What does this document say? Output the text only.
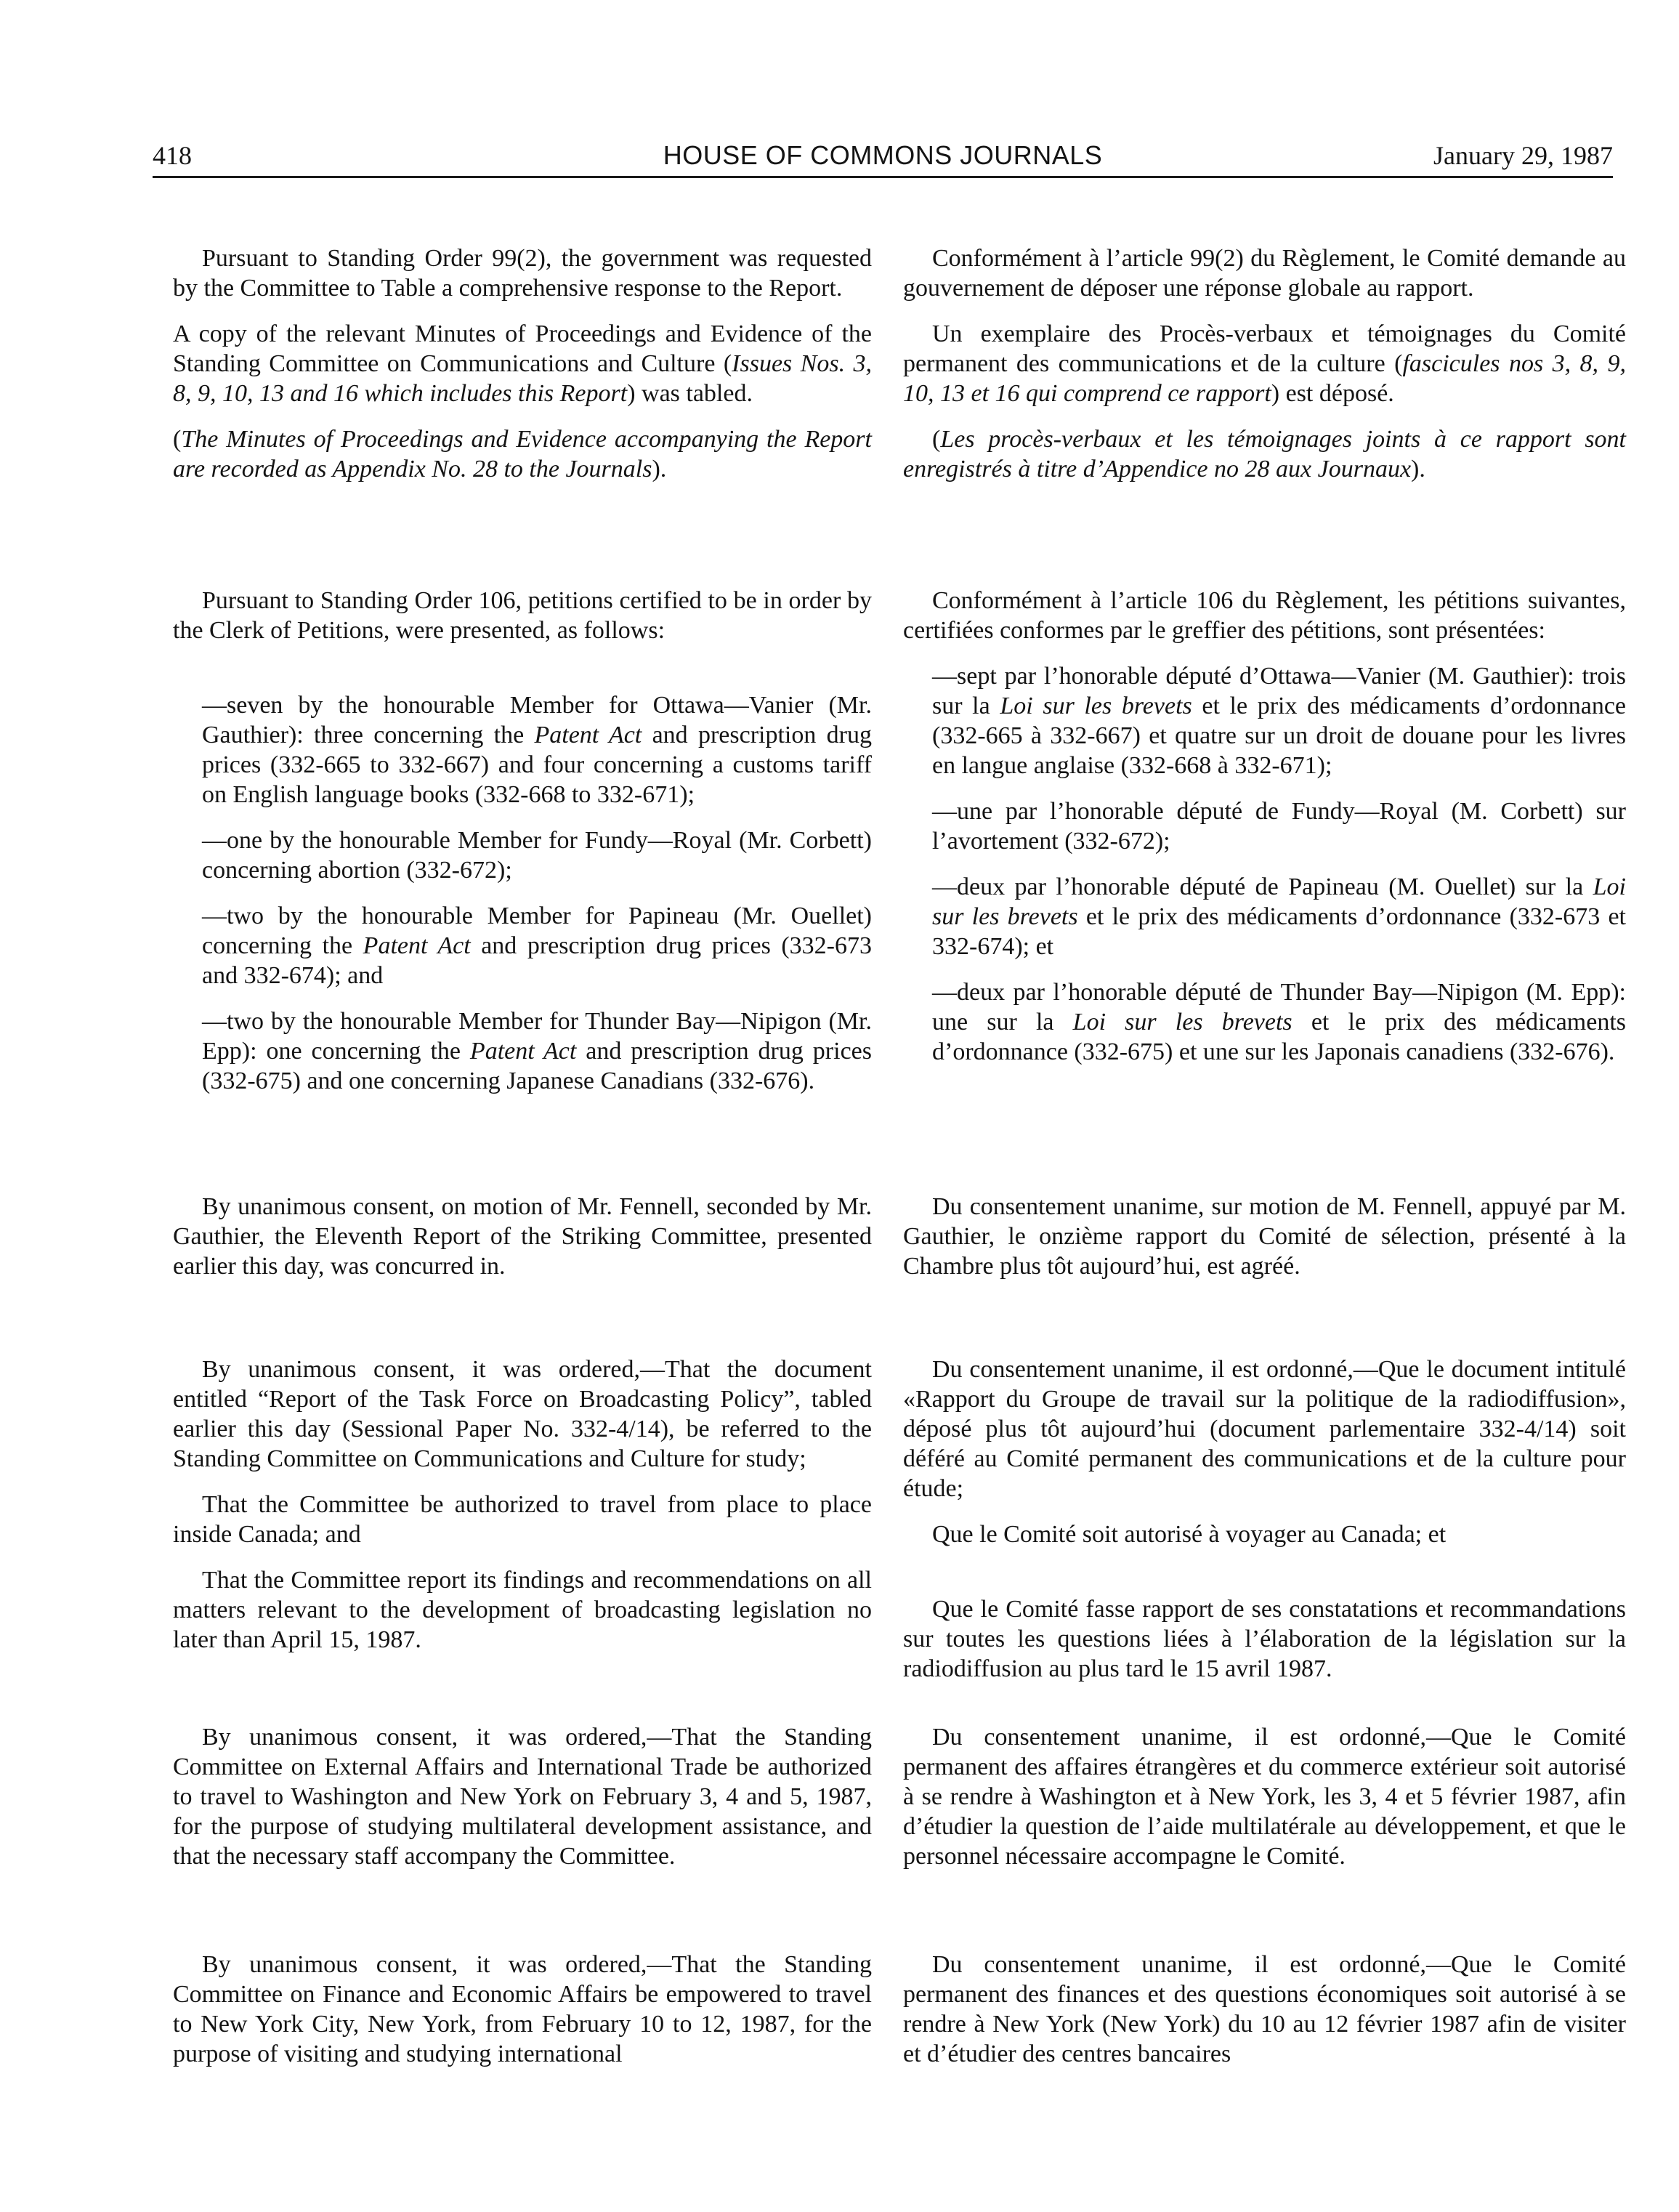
418	HOUSE OF COMMONS JOURNALS	January 29, 1987

Pursuant to Standing Order 99(2), the government was requested by the Committee to Table a comprehensive response to the Report.

A copy of the relevant Minutes of Proceedings and Evidence of the Standing Committee on Communications and Culture (Issues Nos. 3, 8, 9, 10, 13 and 16 which includes this Report) was tabled.

(The Minutes of Proceedings and Evidence accompanying the Report are recorded as Appendix No. 28 to the Journals).

Pursuant to Standing Order 106, petitions certified to be in order by the Clerk of Petitions, were presented, as follows:

—seven by the honourable Member for Ottawa—Vanier (Mr. Gauthier): three concerning the Patent Act and prescription drug prices (332-665 to 332-667) and four concerning a customs tariff on English language books (332-668 to 332-671);

—one by the honourable Member for Fundy—Royal (Mr. Corbett) concerning abortion (332-672);

—two by the honourable Member for Papineau (Mr. Ouellet) concerning the Patent Act and prescription drug prices (332-673 and 332-674); and

—two by the honourable Member for Thunder Bay—Nipigon (Mr. Epp): one concerning the Patent Act and prescription drug prices (332-675) and one concerning Japanese Canadians (332-676).

By unanimous consent, on motion of Mr. Fennell, seconded by Mr. Gauthier, the Eleventh Report of the Striking Committee, presented earlier this day, was concurred in.

By unanimous consent, it was ordered,—That the document entitled “Report of the Task Force on Broadcasting Policy”, tabled earlier this day (Sessional Paper No. 332-4/14), be referred to the Standing Committee on Communications and Culture for study;

That the Committee be authorized to travel from place to place inside Canada; and

That the Committee report its findings and recommendations on all matters relevant to the development of broadcasting legislation no later than April 15, 1987.

By unanimous consent, it was ordered,—That the Standing Committee on External Affairs and International Trade be authorized to travel to Washington and New York on February 3, 4 and 5, 1987, for the purpose of studying multilateral development assistance, and that the necessary staff accompany the Committee.

By unanimous consent, it was ordered,—That the Standing Committee on Finance and Economic Affairs be empowered to travel to New York City, New York, from February 10 to 12, 1987, for the purpose of visiting and studying international

Conformément à l’article 99(2) du Règlement, le Comité demande au gouvernement de déposer une réponse globale au rapport.

Un exemplaire des Procès-verbaux et témoignages du Comité permanent des communications et de la culture (fascicules nos 3, 8, 9, 10, 13 et 16 qui comprend ce rapport) est déposé.

(Les procès-verbaux et les témoignages joints à ce rapport sont enregistrés à titre d’Appendice no 28 aux Journaux).

Conformément à l’article 106 du Règlement, les pétitions suivantes, certifiées conformes par le greffier des pétitions, sont présentées:

—sept par l’honorable député d’Ottawa—Vanier (M. Gauthier): trois sur la Loi sur les brevets et le prix des médicaments d’ordonnance (332-665 à 332-667) et quatre sur un droit de douane pour les livres en langue anglaise (332-668 à 332-671);

—une par l’honorable député de Fundy—Royal (M. Corbett) sur l’avortement (332-672);

—deux par l’honorable député de Papineau (M. Ouellet) sur la Loi sur les brevets et le prix des médicaments d’ordonnance (332-673 et 332-674); et

—deux par l’honorable député de Thunder Bay—Nipigon (M. Epp): une sur la Loi sur les brevets et le prix des médicaments d’ordonnance (332-675) et une sur les Japonais canadiens (332-676).

Du consentement unanime, sur motion de M. Fennell, appuyé par M. Gauthier, le onzième rapport du Comité de sélection, présenté à la Chambre plus tôt aujourd’hui, est agréé.

Du consentement unanime, il est ordonné,—Que le document intitulé «Rapport du Groupe de travail sur la politique de la radiodiffusion», déposé plus tôt aujourd’hui (document parlementaire 332-4/14) soit déféré au Comité permanent des communications et de la culture pour étude;

Que le Comité soit autorisé à voyager au Canada; et

Que le Comité fasse rapport de ses constatations et recommandations sur toutes les questions liées à l’élaboration de la législation sur la radiodiffusion au plus tard le 15 avril 1987.

Du consentement unanime, il est ordonné,—Que le Comité permanent des affaires étrangères et du commerce extérieur soit autorisé à se rendre à Washington et à New York, les 3, 4 et 5 février 1987, afin d’étudier la question de l’aide multilatérale au développement, et que le personnel nécessaire accompagne le Comité.

Du consentement unanime, il est ordonné,—Que le Comité permanent des finances et des questions économiques soit autorisé à se rendre à New York (New York) du 10 au 12 février 1987 afin de visiter et d’étudier des centres bancaires
